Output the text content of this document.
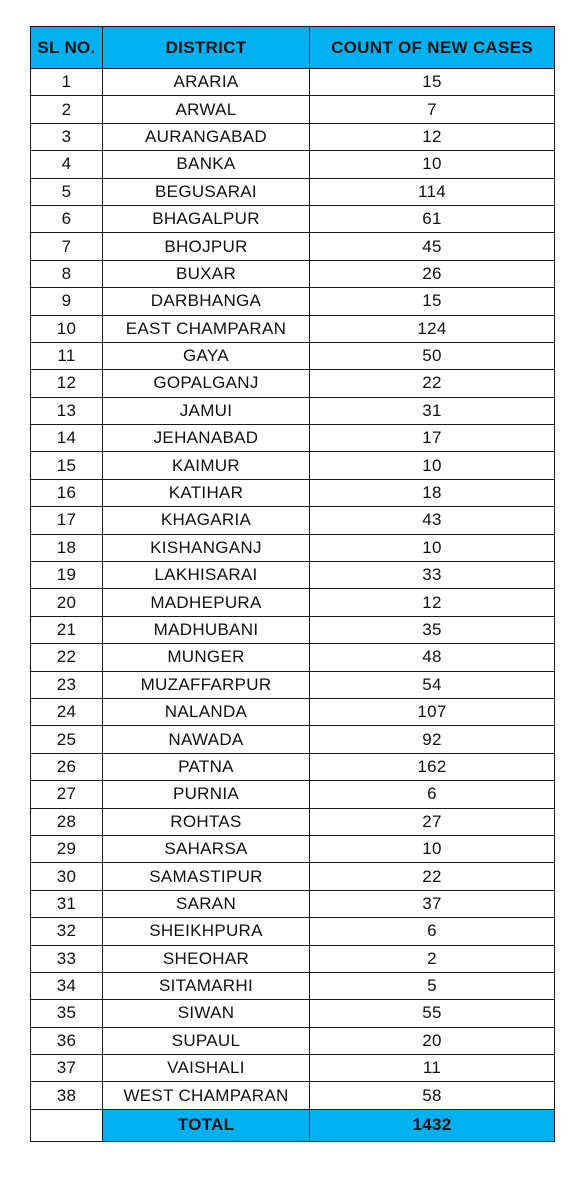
SL NO.	DISTRICT	COUNT OF NEW CASES
1	ARARIA	15
2	ARWAL	7
3	AURANGABAD	12
4	BANKA	10
5	BEGUSARAI	114
6	BHAGALPUR	61
7	BHOJPUR	45
8	BUXAR	26
9	DARBHANGA	15
10	EAST CHAMPARAN	124
11	GAYA	50
12	GOPALGANJ	22
13	JAMUI	31
14	JEHANABAD	17
15	KAIMUR	10
16	KATIHAR	18
17	KHAGARIA	43
18	KISHANGANJ	10
19	LAKHISARAI	33
20	MADHEPURA	12
21	MADHUBANI	35
22	MUNGER	48
23	MUZAFFARPUR	54
24	NALANDA	107
25	NAWADA	92
26	PATNA	162
27	PURNIA	6
28	ROHTAS	27
29	SAHARSA	10
30	SAMASTIPUR	22
31	SARAN	37
32	SHEIKHPURA	6
33	SHEOHAR	2
34	SITAMARHI	5
35	SIWAN	55
36	SUPAUL	20
37	VAISHALI	11
38	WEST CHAMPARAN	58
	TOTAL	1432
